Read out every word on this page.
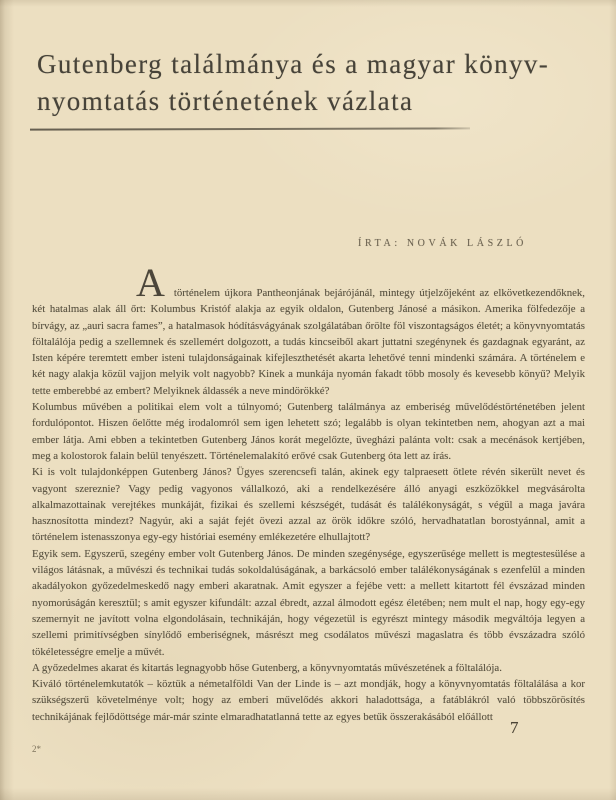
Gutenberg találmánya és a magyar könyv-
nyomtatás történetének vázlata
ÍRTA: NOVÁK LÁSZLÓ

Atörténelem újkora Pantheonjának bejárójánál, mintegy útjelzőjeként az elkövetkezendőknek, két hatalmas alak áll őrt: Kolumbus Kristóf alakja az egyik oldalon, Gutenberg Jánosé a másikon. Amerika fölfedezője a bírvágy, az „auri sacra fames”, a hatalmasok hódításvágyának szolgálatában őrölte föl viszontagságos életét; a könyvnyomtatás föltalálója pedig a szellemnek és szellemért dolgozott, a tudás kincseiből akart juttatni szegénynek és gazdagnak egyaránt, az Isten képére teremtett ember isteni tulajdonságainak kifejleszthetését akarta lehetővé tenni mindenki számára. A történelem e két nagy alakja közül vajjon melyik volt nagyobb? Kinek a munkája nyomán fakadt több mosoly és kevesebb könyű? Melyik tette emberebbé az embert? Melyiknek áldassék a neve mindörökké?

Kolumbus művében a politikai elem volt a túlnyomó; Gutenberg találmánya az emberiség művelődéstörténetében jelent fordulópontot. Hiszen őelőtte még irodalomról sem igen lehetett szó; legalább is olyan tekintetben nem, ahogyan azt a mai ember látja. Ami ebben a tekintetben Gutenberg János korát megelőzte, üvegházi palánta volt: csak a mecénások kertjében, meg a kolostorok falain belül tenyészett. Történelemalakító erővé csak Gutenberg óta lett az írás.

Ki is volt tulajdonképpen Gutenberg János? Ügyes szerencsefi talán, akinek egy talpraesett ötlete révén sikerült nevet és vagyont szereznie? Vagy pedig vagyonos vállalkozó, aki a rendelkezésére álló anyagi eszközökkel megvásárolta alkalmazottainak verejtékes munkáját, fizikai és szellemi készségét, tudását és találékonyságát, s végül a maga javára hasznosította mindezt? Nagyúr, aki a saját fejét övezi azzal az örök időkre szóló, hervadhatatlan borostyánnal, amit a történelem istenasszonya egy-egy históriai esemény emlékezetére elhullajtott?

Egyik sem. Egyszerű, szegény ember volt Gutenberg János. De minden szegénysége, egyszerűsége mellett is megtestesülése a világos látásnak, a művészi és technikai tudás sokoldalúságának, a barkácsoló ember találékonyságának s ezenfelül a minden akadályokon győzedelmeskedő nagy emberi akaratnak. Amit egyszer a fejébe vett: a mellett kitartott fél évszázad minden nyomorúságán keresztül; s amit egyszer kifundált: azzal ébredt, azzal álmodott egész életében; nem mult el nap, hogy egy-egy szemernyit ne javított volna elgondolásain, technikáján, hogy végezetül is egyrészt mintegy második megváltója legyen a szellemi primitívségben sínylődő emberiségnek, másrészt meg csodálatos művészi magaslatra és több évszázadra szóló tökéletességre emelje a művét.

A győzedelmes akarat és kitartás legnagyobb hőse Gutenberg, a könyvnyomtatás művészetének a föltalálója.

Kiváló történelemkutatók – köztük a németalföldi Van der Linde is – azt mondják, hogy a könyvnyomtatás föltalálása a kor szükségszerű követelménye volt; hogy az emberi művelődés akkori haladottsága, a fatáblákról való többszörösítés technikájának fejlődöttsége már-már szinte elmaradhatatlanná tette az egyes betűk összerakásából előállott

2*
7
